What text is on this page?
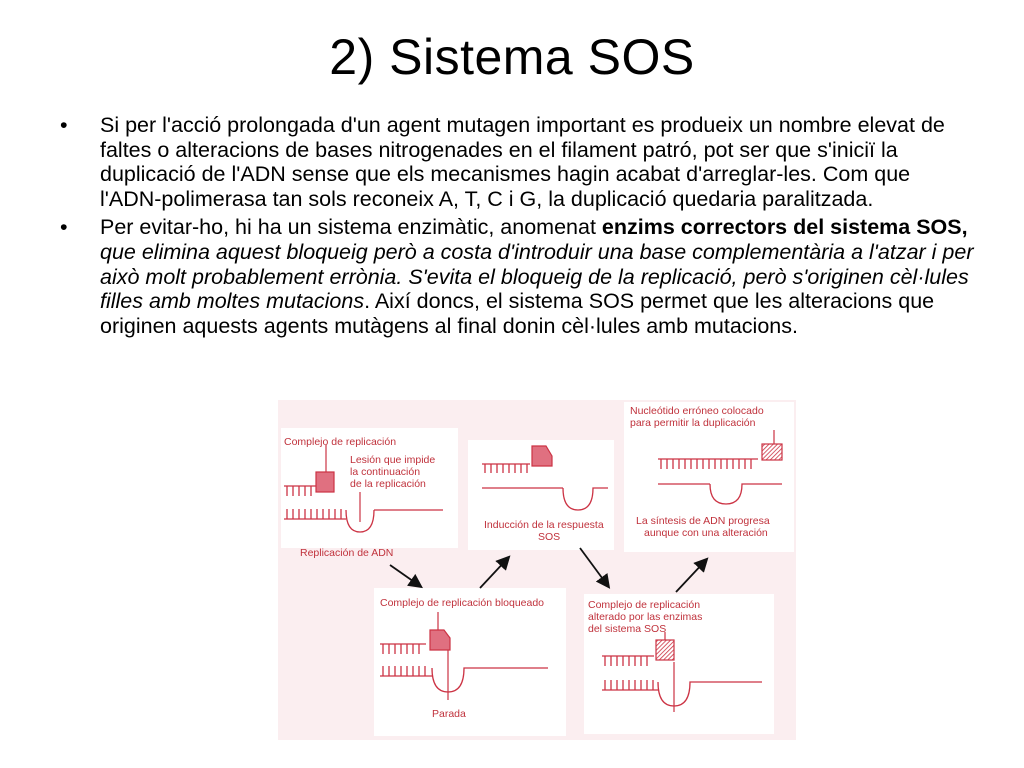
2) Sistema SOS
• Si per l'acció prolongada d'un agent mutagen important es produeix un nombre elevat de faltes o alteracions de bases nitrogenades en el filament patró, pot ser que s'iniciï la duplicació de l'ADN sense que els mecanismes hagin acabat d'arreglar-les. Com que l'ADN-polimerasa tan sols reconeix A, T, C i G, la duplicació quedaria paralitzada.
• Per evitar-ho, hi ha un sistema enzimàtic, anomenat enzims correctors del sistema SOS, que elimina aquest bloqueig però a costa d'introduir una base complementària a l'atzar i per això molt probablement errònia. S'evita el bloqueig de la replicació, però s'originen cèl·lules filles amb moltes mutacions. Així doncs, el sistema SOS permet que les alteracions que originen aquests agents mutàgens al final donin cèl·lules amb mutacions.
Complejo de replicación
Lesión que impide
la continuación
de la replicación
Replicación de ADN
Inducción de la respuesta
SOS
Nucleótido erróneo colocado
para permitir la duplicación
La síntesis de ADN progresa
aunque con una alteración
Complejo de replicación bloqueado
Parada
Complejo de replicación
alterado por las enzimas
del sistema SOS
